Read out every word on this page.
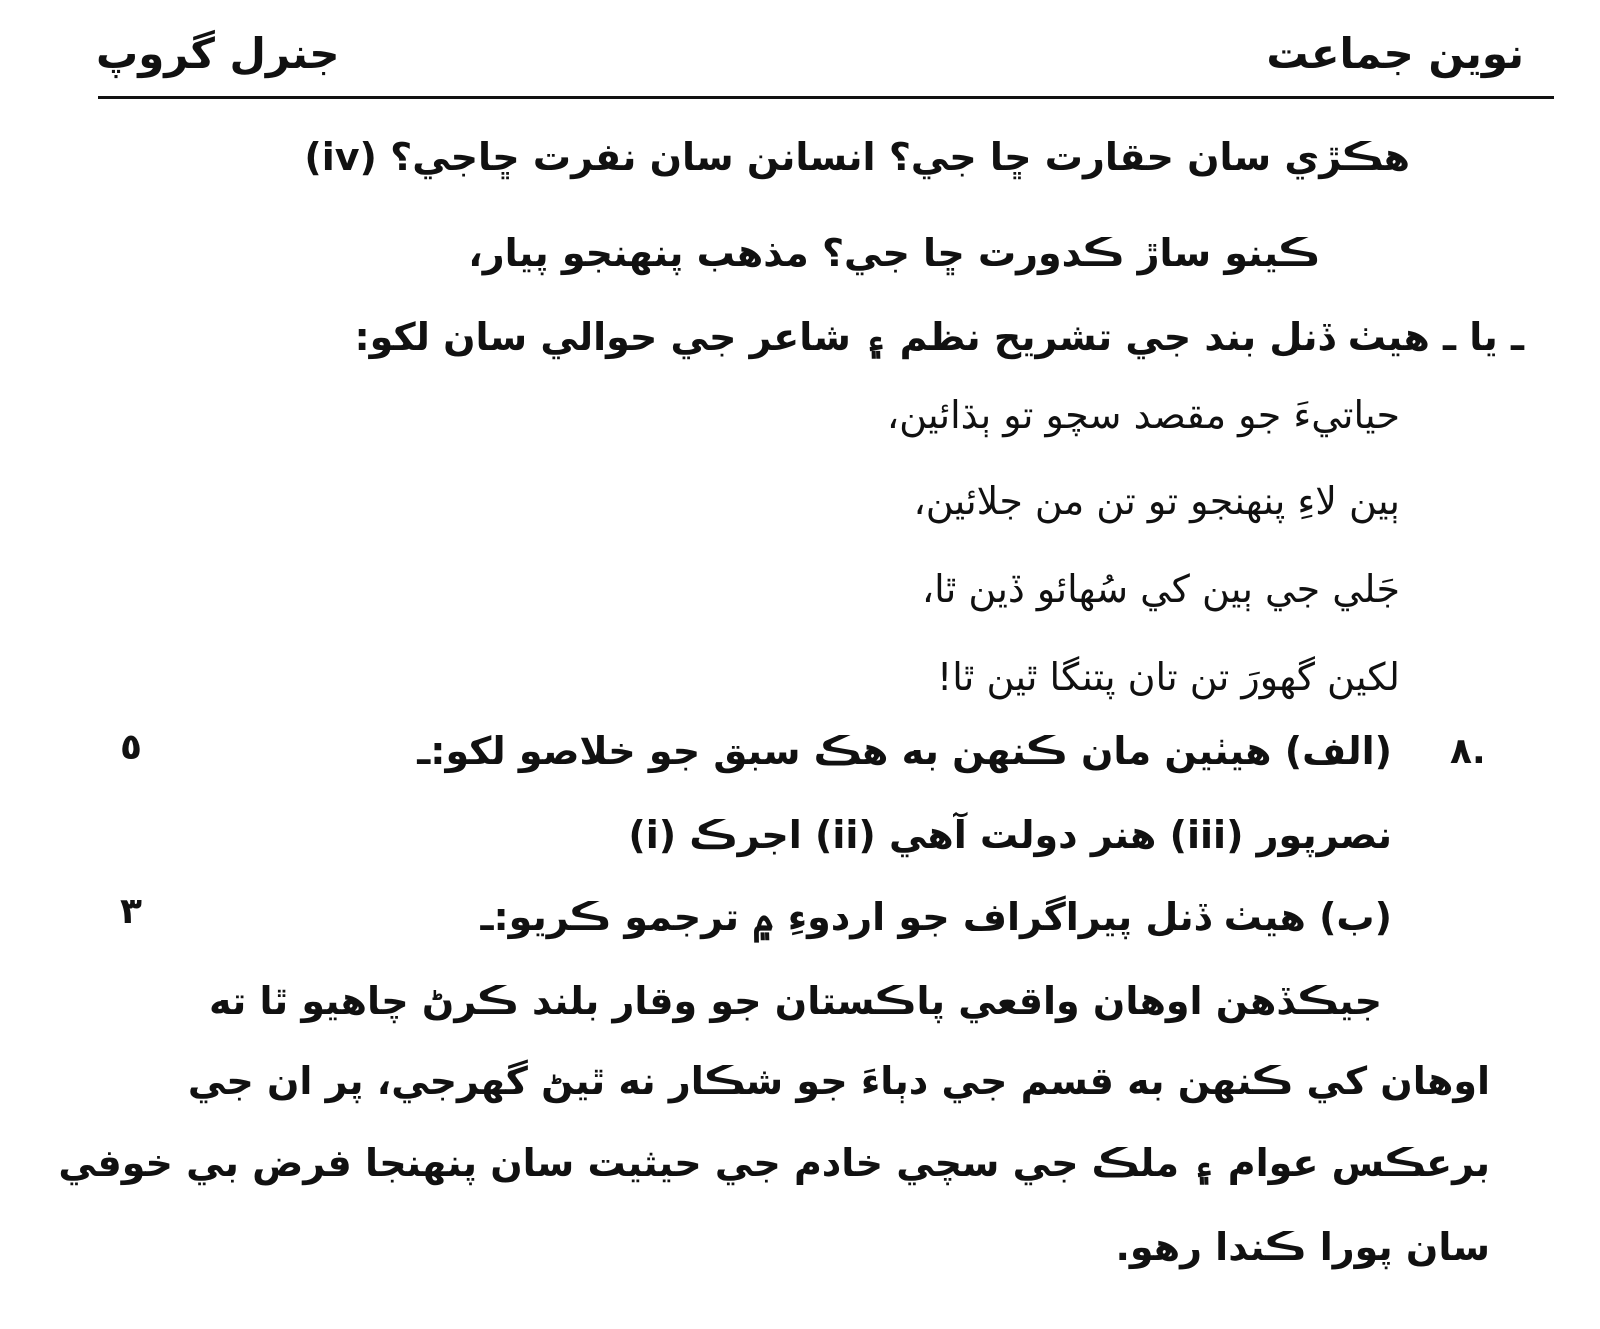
نوين جماعت
جنرل گروپ
(iv) هڪڙي سان حقارت ڇا جي؟ انسانن سان نفرت ڇاجي؟
ڪينو ساڙ ڪدورت ڇا جي؟ مذهب پنهنجو پيار،
ـ يا ـ هيٺ ڏنل بند جي تشريح نظم ۽ شاعر جي حوالي سان لکو:
حياتيءَ جو مقصد سچو تو ٻڌائين،
ٻين لاءِ پنهنجو تو تن من جلائين،
جَلي جي ٻين کي سُهائو ڏين ٿا،
لکين گهورَ تن تان پتنگا ٿين ٿا!
٨.
(الف) هيٺين مان ڪنهن به هڪ سبق جو خلاصو لکو:ـ
٥
(i) اجرڪ (ii) هنر دولت آهي (iii) نصرپور
(ب) هيٺ ڏنل پيراگراف جو اردوءِ ۾ ترجمو ڪريو:ـ
٣
جيڪڏهن اوهان واقعي پاڪستان جو وقار بلند ڪرڻ چاهيو ٿا ته
اوهان کي ڪنهن به قسم جي دٻاءَ جو شڪار نه ٿيڻ گهرجي، پر ان جي
برعڪس عوام ۽ ملڪ جي سچي خادم جي حيثيت سان پنهنجا فرض بي خوفي
سان پورا ڪندا رهو.
